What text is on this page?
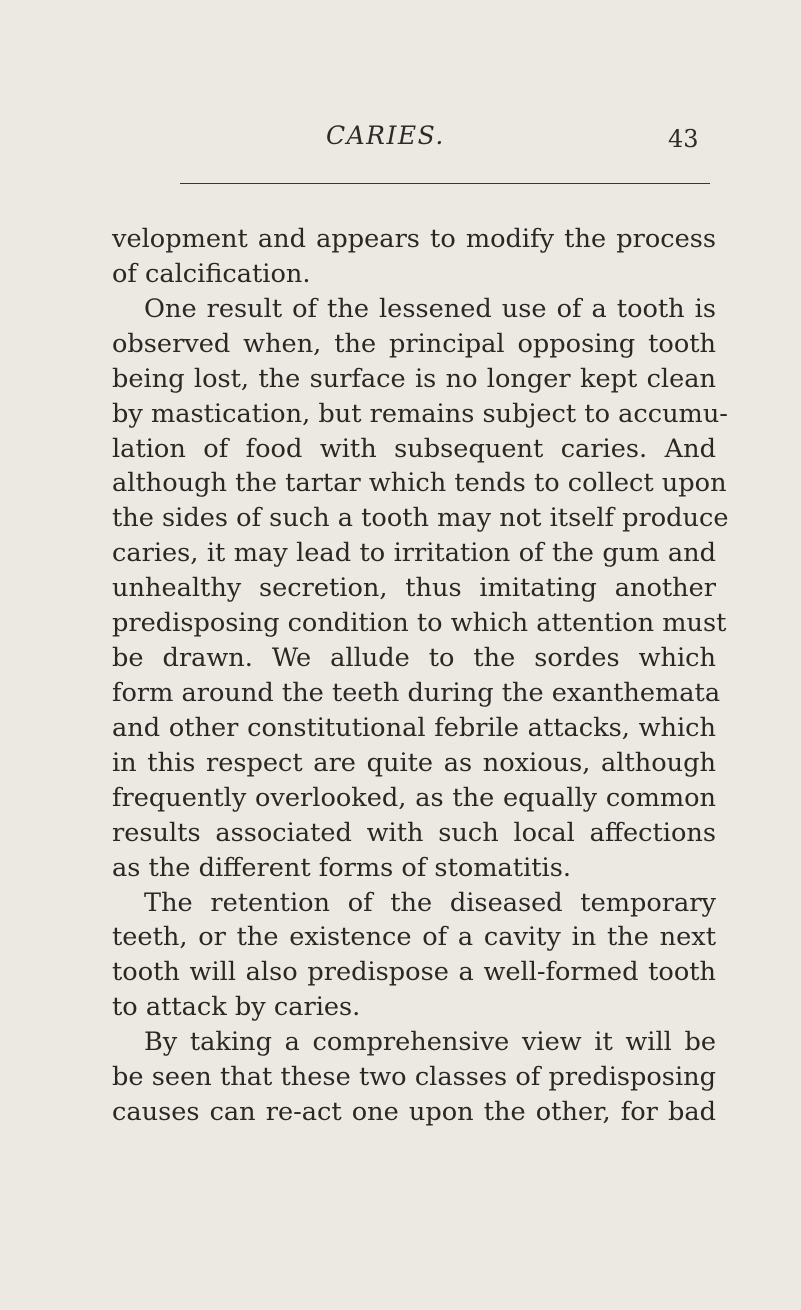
CARIES.	43
velopment and appears to modify the process
of calcification.
One result of the lessened use of a tooth is
observed when, the principal opposing tooth
being lost, the surface is no longer kept clean
by mastication, but remains subject to accumu-
lation of food with subsequent caries. And
although the tartar which tends to collect upon
the sides of such a tooth may not itself produce
caries, it may lead to irritation of the gum and
unhealthy secretion, thus imitating another
predisposing condition to which attention must
be drawn. We allude to the sordes which
form around the teeth during the exanthemata
and other constitutional febrile attacks, which
in this respect are quite as noxious, although
frequently overlooked, as the equally common
results associated with such local affections
as the different forms of stomatitis.
The retention of the diseased temporary
teeth, or the existence of a cavity in the next
tooth will also predispose a well-formed tooth
to attack by caries.
By taking a comprehensive view it will be
be seen that these two classes of predisposing
causes can re-act one upon the other, for bad
